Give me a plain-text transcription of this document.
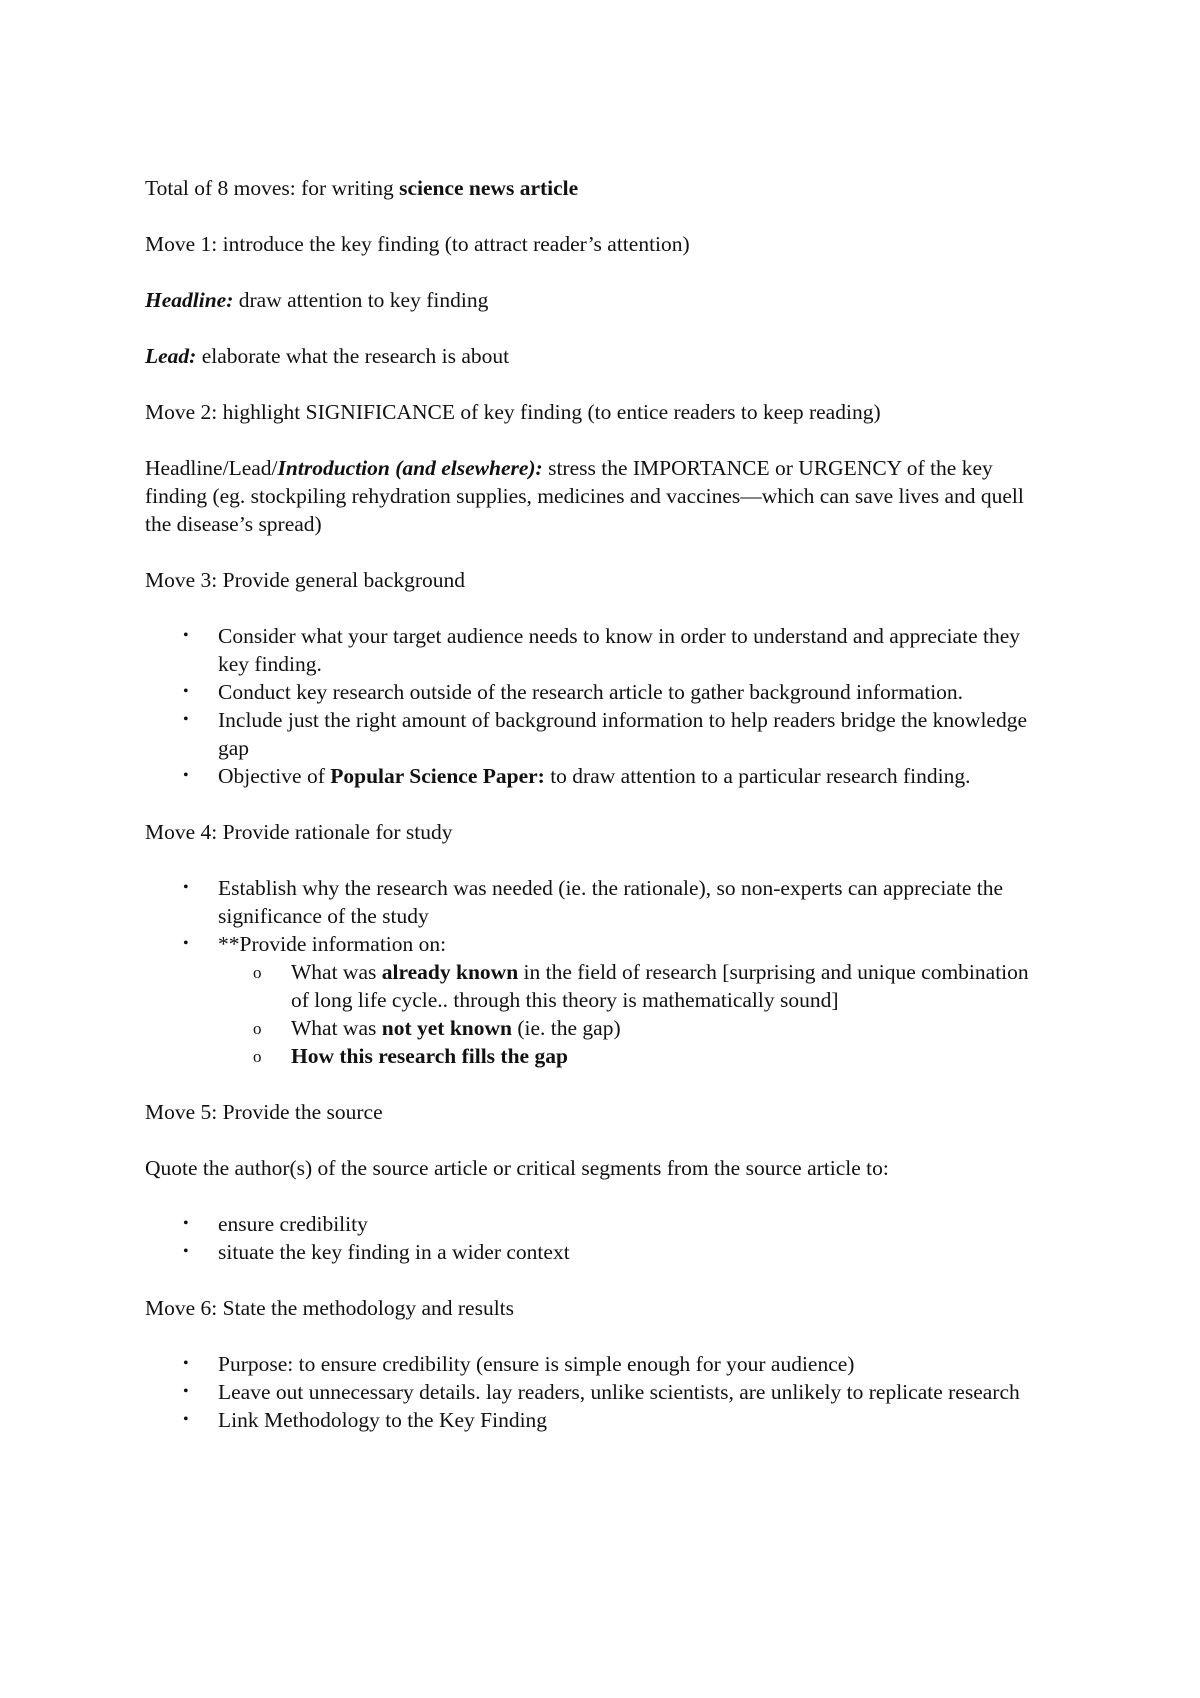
Total of 8 moves: for writing science news article

Move 1: introduce the key finding (to attract reader’s attention)

Headline: draw attention to key finding

Lead: elaborate what the research is about

Move 2: highlight SIGNIFICANCE of key finding (to entice readers to keep reading)

Headline/Lead/Introduction (and elsewhere): stress the IMPORTANCE or URGENCY of the key finding (eg. stockpiling rehydration supplies, medicines and vaccines—which can save lives and quell the disease’s spread)

Move 3: Provide general background

• Consider what your target audience needs to know in order to understand and appreciate they key finding.
• Conduct key research outside of the research article to gather background information.
• Include just the right amount of background information to help readers bridge the knowledge gap
• Objective of Popular Science Paper: to draw attention to a particular research finding.

Move 4: Provide rationale for study

• Establish why the research was needed (ie. the rationale), so non-experts can appreciate the significance of the study
• **Provide information on:
o What was already known in the field of research [surprising and unique combination of long life cycle.. through this theory is mathematically sound]
o What was not yet known (ie. the gap)
o How this research fills the gap

Move 5: Provide the source

Quote the author(s) of the source article or critical segments from the source article to:

• ensure credibility
• situate the key finding in a wider context

Move 6: State the methodology and results

• Purpose: to ensure credibility (ensure is simple enough for your audience)
• Leave out unnecessary details. lay readers, unlike scientists, are unlikely to replicate research
• Link Methodology to the Key Finding
